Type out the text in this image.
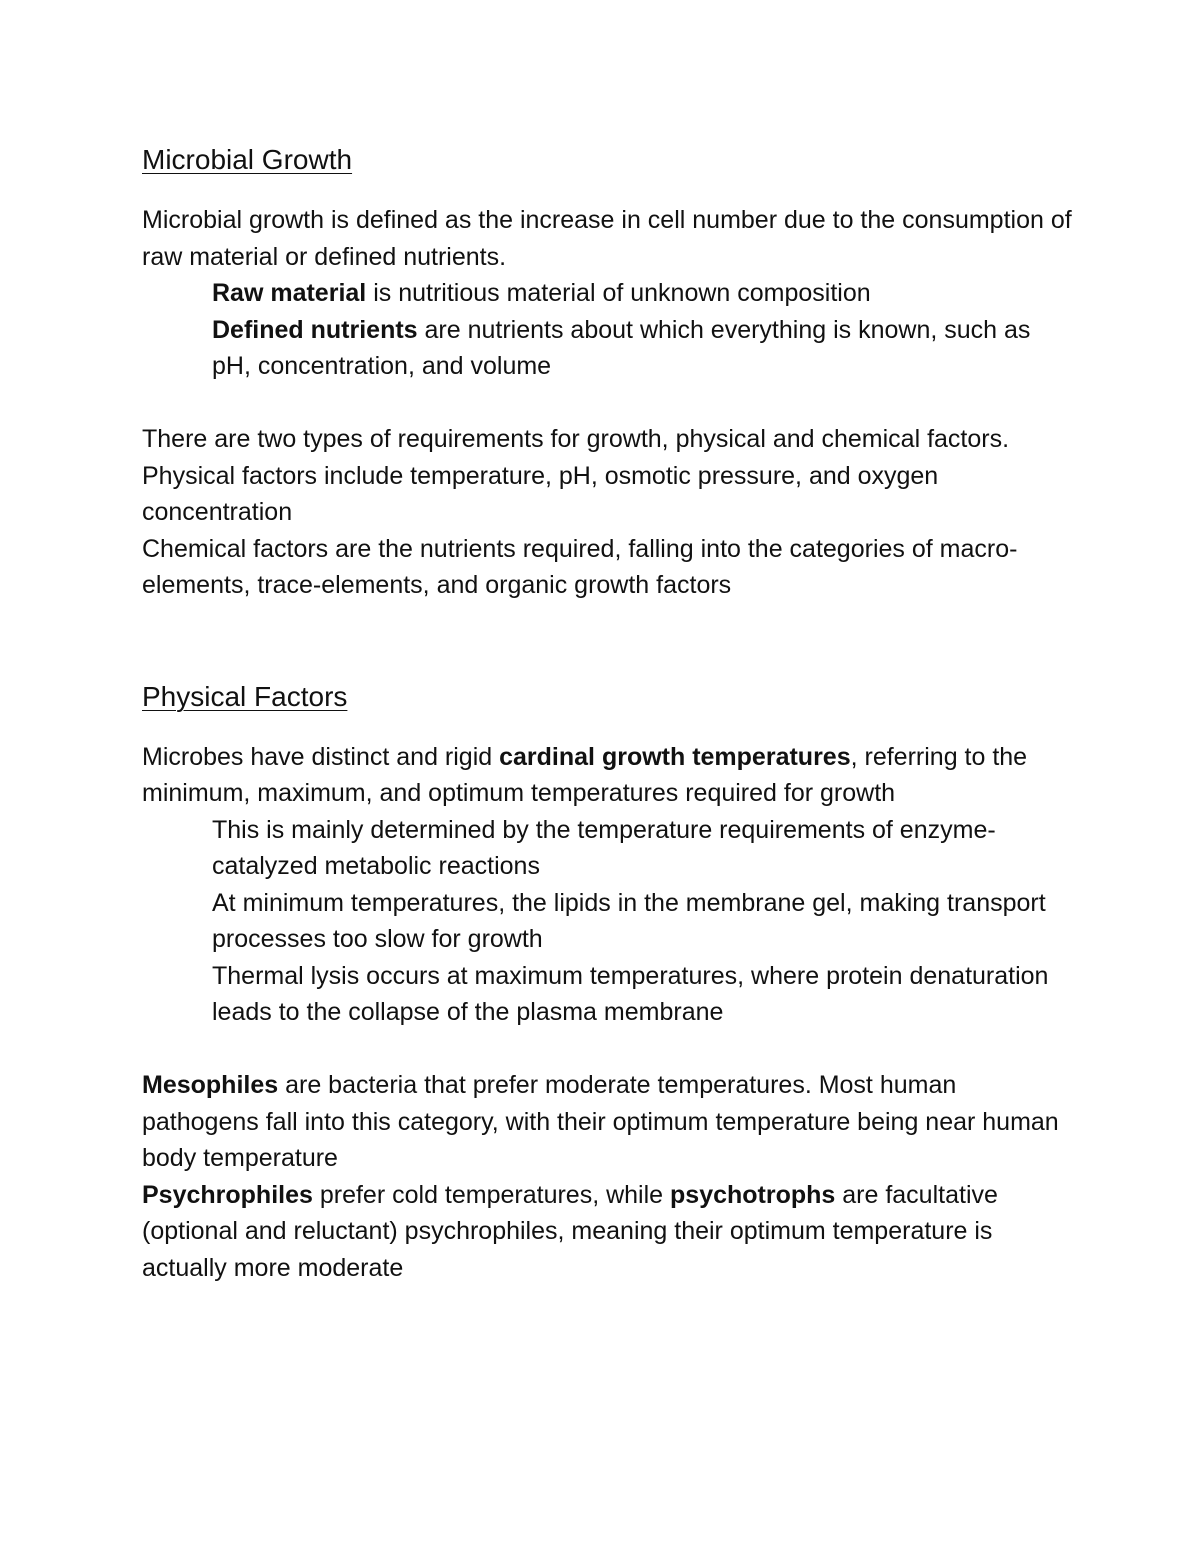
Microbial Growth

Microbial growth is defined as the increase in cell number due to the consumption of raw material or defined nutrients.

Raw material is nutritious material of unknown composition

Defined nutrients are nutrients about which everything is known, such as pH, concentration, and volume

There are two types of requirements for growth, physical and chemical factors.

Physical factors include temperature, pH, osmotic pressure, and oxygen concentration

Chemical factors are the nutrients required, falling into the categories of macro-elements, trace-elements, and organic growth factors

Physical Factors

Microbes have distinct and rigid cardinal growth temperatures, referring to the minimum, maximum, and optimum temperatures required for growth

This is mainly determined by the temperature requirements of enzyme-catalyzed metabolic reactions

At minimum temperatures, the lipids in the membrane gel, making transport processes too slow for growth

Thermal lysis occurs at maximum temperatures, where protein denaturation leads to the collapse of the plasma membrane

Mesophiles are bacteria that prefer moderate temperatures. Most human pathogens fall into this category, with their optimum temperature being near human body temperature

Psychrophiles prefer cold temperatures, while psychotrophs are facultative (optional and reluctant) psychrophiles, meaning their optimum temperature is actually more moderate
